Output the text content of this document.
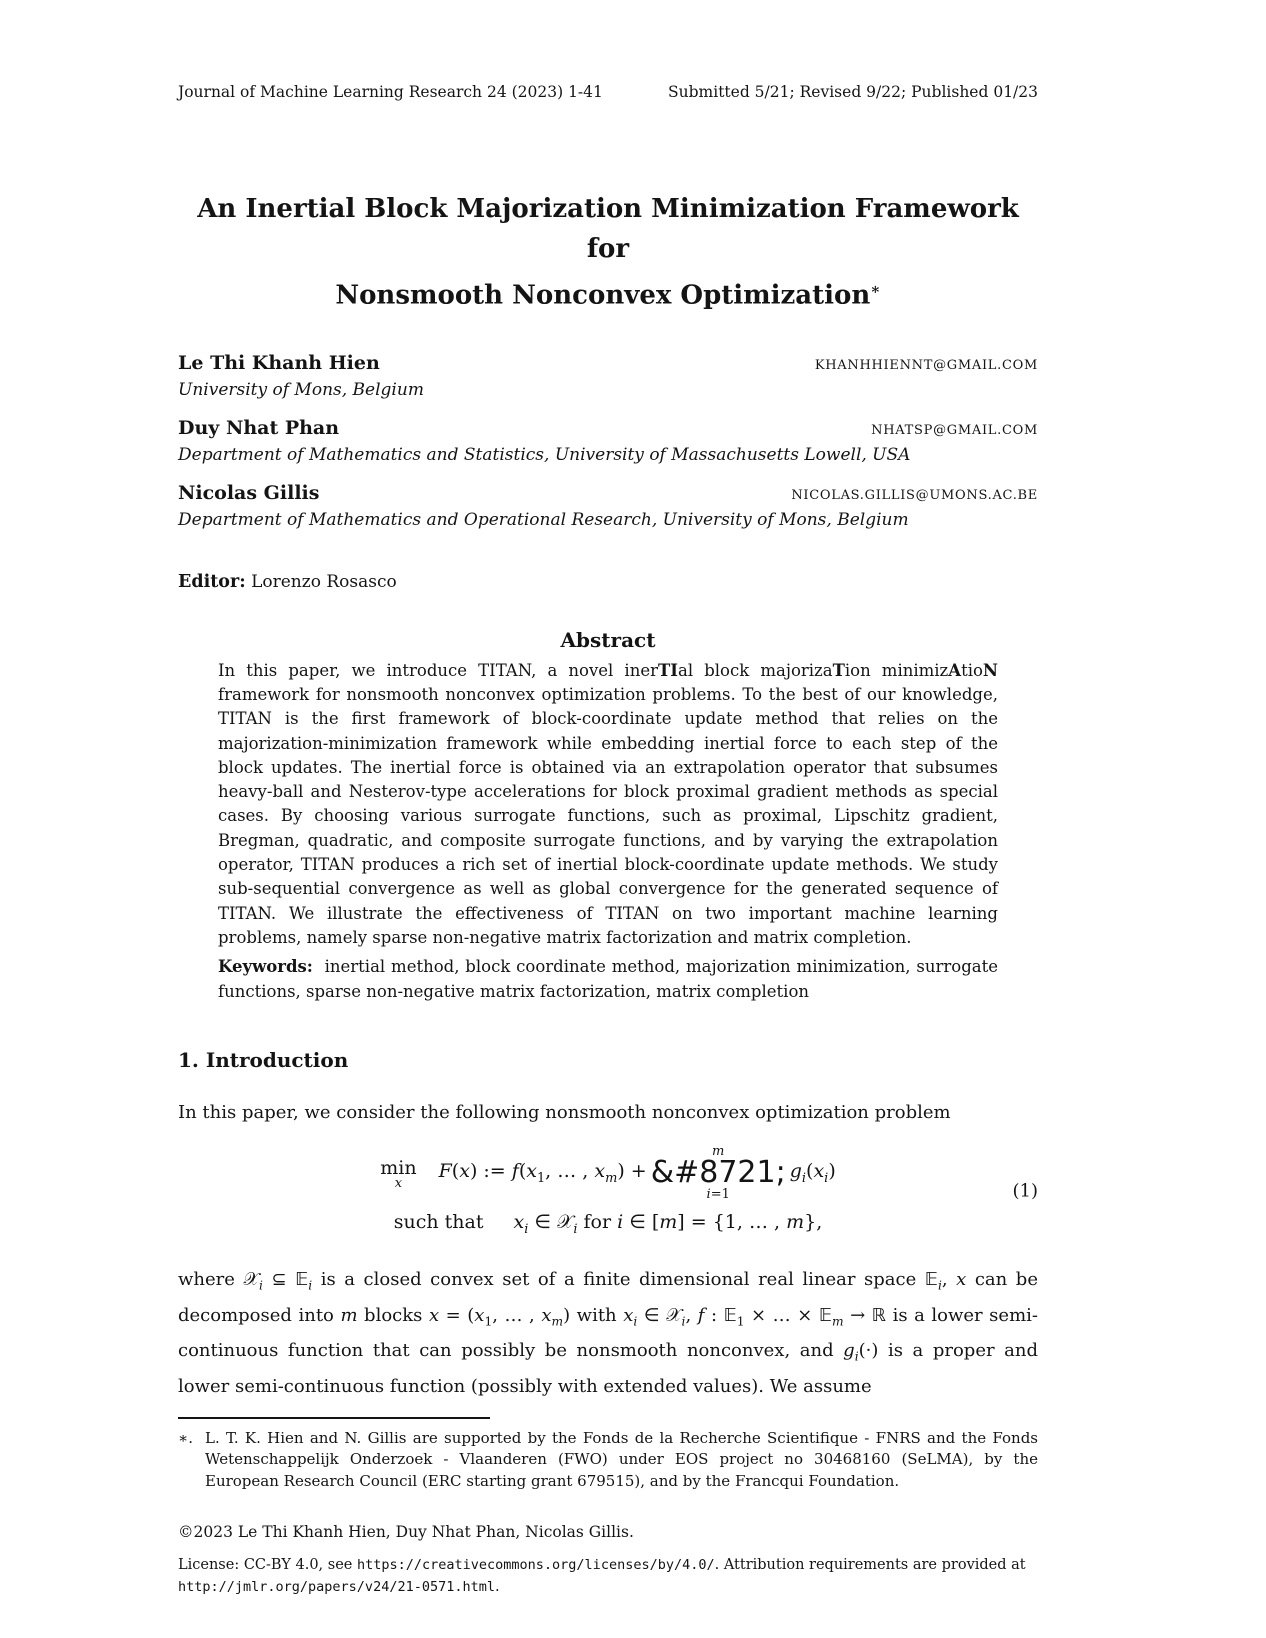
Journal of Machine Learning Research 24 (2023) 1-41	Submitted 5/21; Revised 9/22; Published 01/23
An Inertial Block Majorization Minimization Framework for
Nonsmooth Nonconvex Optimization∗
Le Thi Khanh Hien	KHANHHIENNT@GMAIL.COM
University of Mons, Belgium
Duy Nhat Phan	NHATSP@GMAIL.COM
Department of Mathematics and Statistics, University of Massachusetts Lowell, USA
Nicolas Gillis	NICOLAS.GILLIS@UMONS.AC.BE
Department of Mathematics and Operational Research, University of Mons, Belgium
Editor: Lorenzo Rosasco
Abstract
In this paper, we introduce TITAN, a novel inerTIal block majorizaTion minimizAtioN framework for nonsmooth nonconvex optimization problems. To the best of our knowledge, TITAN is the first framework of block-coordinate update method that relies on the majorization-minimization framework while embedding inertial force to each step of the block updates. The inertial force is obtained via an extrapolation operator that subsumes heavy-ball and Nesterov-type accelerations for block proximal gradient methods as special cases. By choosing various surrogate functions, such as proximal, Lipschitz gradient, Bregman, quadratic, and composite surrogate functions, and by varying the extrapolation operator, TITAN produces a rich set of inertial block-coordinate update methods. We study sub-sequential convergence as well as global convergence for the generated sequence of TITAN. We illustrate the effectiveness of TITAN on two important machine learning problems, namely sparse non-negative matrix factorization and matrix completion.
Keywords: inertial method, block coordinate method, majorization minimization, surrogate functions, sparse non-negative matrix factorization, matrix completion
1. Introduction
In this paper, we consider the following nonsmooth nonconvex optimization problem
min
x
F(x) := $f(x_1$, … , $x_m$) +
m
&#8721;
i=1
$g_i(x_i)$
such that $x_i$ ∈ 𝒳$_i$ for i ∈ [m] = {1, … , m},
(1)
where 𝒳$_i$ ⊆ 𝔼$_i$ is a closed convex set of a finite dimensional real linear space 𝔼$_i$, x can be decomposed into m blocks $x = (x_1$, … , $x_m$) with $x_i$ ∈ 𝒳$_i$, f : 𝔼$_1$ × … × 𝔼$_m$ → ℝ is a lower semi-continuous function that can possibly be nonsmooth nonconvex, and $g_i(\cdot)$ is a proper and lower semi-continuous function (possibly with extended values). We assume
∗. L. T. K. Hien and N. Gillis are supported by the Fonds de la Recherche Scientifique - FNRS and the Fonds Wetenschappelijk Onderzoek - Vlaanderen (FWO) under EOS project no 30468160 (SeLMA), by the European Research Council (ERC starting grant 679515), and by the Francqui Foundation.
©2023 Le Thi Khanh Hien, Duy Nhat Phan, Nicolas Gillis.
License: CC-BY 4.0, see https://creativecommons.org/licenses/by/4.0/. Attribution requirements are provided at http://jmlr.org/papers/v24/21-0571.html.
